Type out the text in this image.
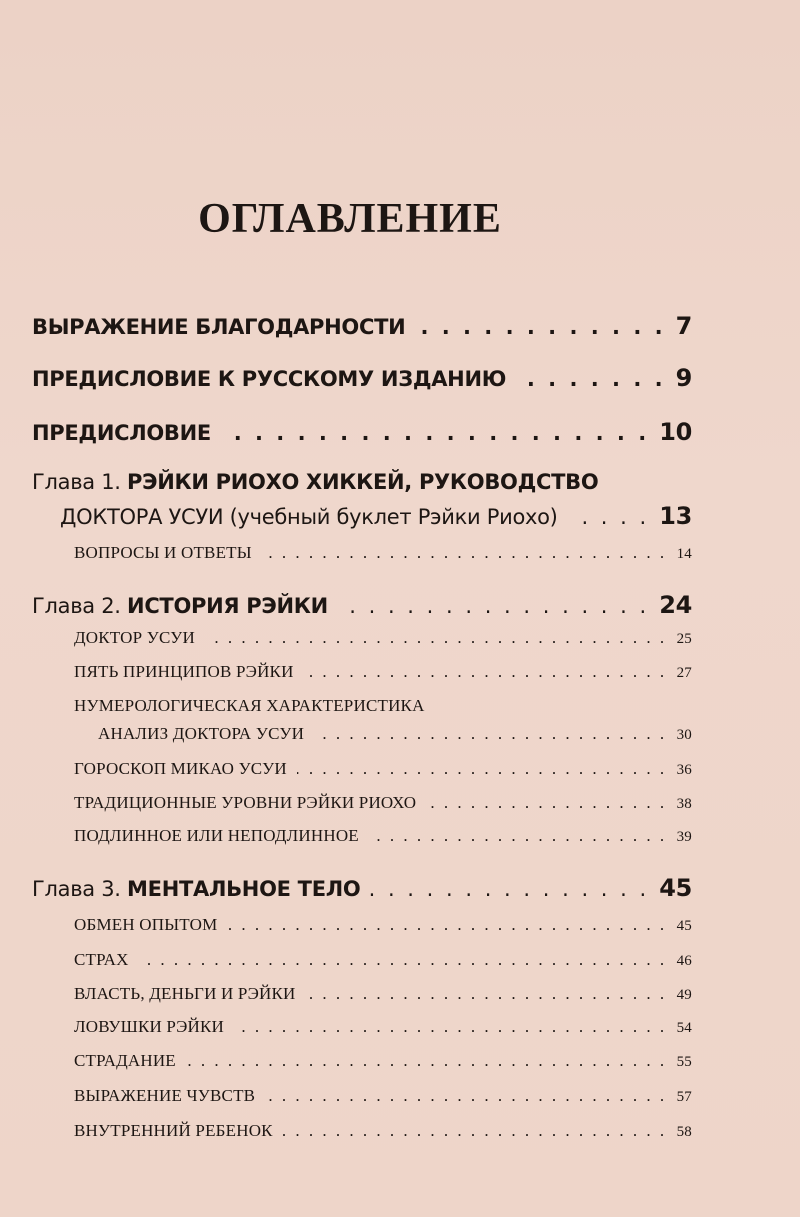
ОГЛАВЛЕНИЕ
ВЫРАЖЕНИЕ БЛАГОДАРНОСТИ . . .	7
ПРЕДИСЛОВИЕ К РУССКОМУ ИЗДАНИЮ . . .	9
ПРЕДИСЛОВИЕ . . .	10
Глава 1. РЭЙКИ РИОХО ХИККЕЙ, РУКОВОДСТВО
ДОКТОРА УСУИ (учебный буклет Рэйки Риохо) . . .	13
ВОПРОСЫ И ОТВЕТЫ . . .	14
Глава 2. ИСТОРИЯ РЭЙКИ . . .	24
ДОКТОР УСУИ . . .	25
ПЯТЬ ПРИНЦИПОВ РЭЙКИ . . .	27
НУМЕРОЛОГИЧЕСКАЯ ХАРАКТЕРИСТИКА
АНАЛИЗ ДОКТОРА УСУИ . . .	30
ГОРОСКОП МИКАО УСУИ . . .	36
ТРАДИЦИОННЫЕ УРОВНИ РЭЙКИ РИОХО . . .	38
ПОДЛИННОЕ ИЛИ НЕПОДЛИННОЕ . . .	39
Глава 3. МЕНТАЛЬНОЕ ТЕЛО . . .	45
ОБМЕН ОПЫТОМ . . .	45
СТРАХ . . .	46
ВЛАСТЬ, ДЕНЬГИ И РЭЙКИ . . .	49
ЛОВУШКИ РЭЙКИ . . .	54
СТРАДАНИЕ . . .	55
ВЫРАЖЕНИЕ ЧУВСТВ . . .	57
ВНУТРЕННИЙ РЕБЕНОК . . .	58
